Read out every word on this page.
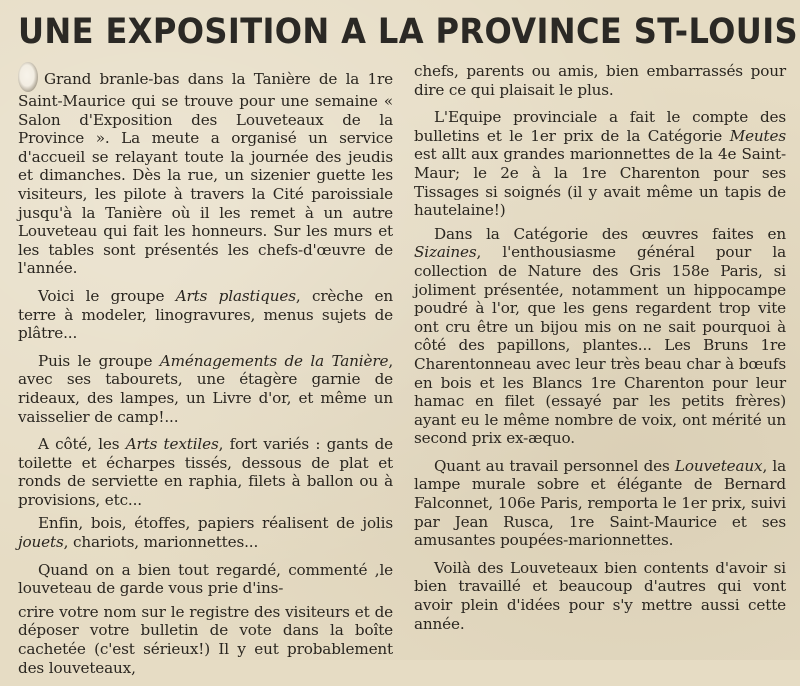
UNE EXPOSITION A LA PROVINCE ST-LOUIS

Grand branle-bas dans la Tanière de la 1re Saint-Maurice qui se trouve pour une semaine « Salon d'Exposition des Louveteaux de la Province ». La meute a organisé un service d'accueil se relayant toute la journée des jeudis et dimanches. Dès la rue, un sizenier guette les visiteurs, les pilote à travers la Cité paroissiale jusqu'à la Tanière où il les remet à un autre Louveteau qui fait les honneurs. Sur les murs et les tables sont présentés les chefs-d'œuvre de l'année.

Voici le groupe Arts plastiques, crèche en terre à modeler, linogravures, menus sujets de plâtre...

Puis le groupe Aménagements de la Tanière, avec ses tabourets, une étagère garnie de rideaux, des lampes, un Livre d'or, et même un vaisselier de camp!...

A côté, les Arts textiles, fort variés : gants de toilette et écharpes tissés, dessous de plat et ronds de serviette en raphia, filets à ballon ou à provisions, etc...

Enfin, bois, étoffes, papiers réalisent de jolis jouets, chariots, marionnettes...

Quand on a bien tout regardé, commenté ,le louveteau de garde vous prie d'ins-

crire votre nom sur le registre des visiteurs et de déposer votre bulletin de vote dans la boîte cachetée (c'est sérieux!) Il y eut probablement des louveteaux,

chefs, parents ou amis, bien embarrassés pour dire ce qui plaisait le plus.

L'Equipe provinciale a fait le compte des bulletins et le 1er prix de la Catégorie Meutes est allt aux grandes marionnettes de la 4e Saint-Maur; le 2e à la 1re Charenton pour ses Tissages si soignés (il y avait même un tapis de hautelaine!)

Dans la Catégorie des œuvres faites en Sizaines, l'enthousiasme général pour la collection de Nature des Gris 158e Paris, si joliment présentée, notamment un hippocampe poudré à l'or, que les gens regardent trop vite ont cru être un bijou mis on ne sait pourquoi à côté des papillons, plantes... Les Bruns 1re Charentonneau avec leur très beau char à bœufs en bois et les Blancs 1re Charenton pour leur hamac en filet (essayé par les petits frères) ayant eu le même nombre de voix, ont mérité un second prix ex-æquo.

Quant au travail personnel des Louveteaux, la lampe murale sobre et élégante de Bernard Falconnet, 106e Paris, remporta le 1er prix, suivi par Jean Rusca, 1re Saint-Maurice et ses amusantes poupées-marionnettes.

Voilà des Louveteaux bien contents d'avoir si bien travaillé et beaucoup d'autres qui vont avoir plein d'idées pour s'y mettre aussi cette année.
